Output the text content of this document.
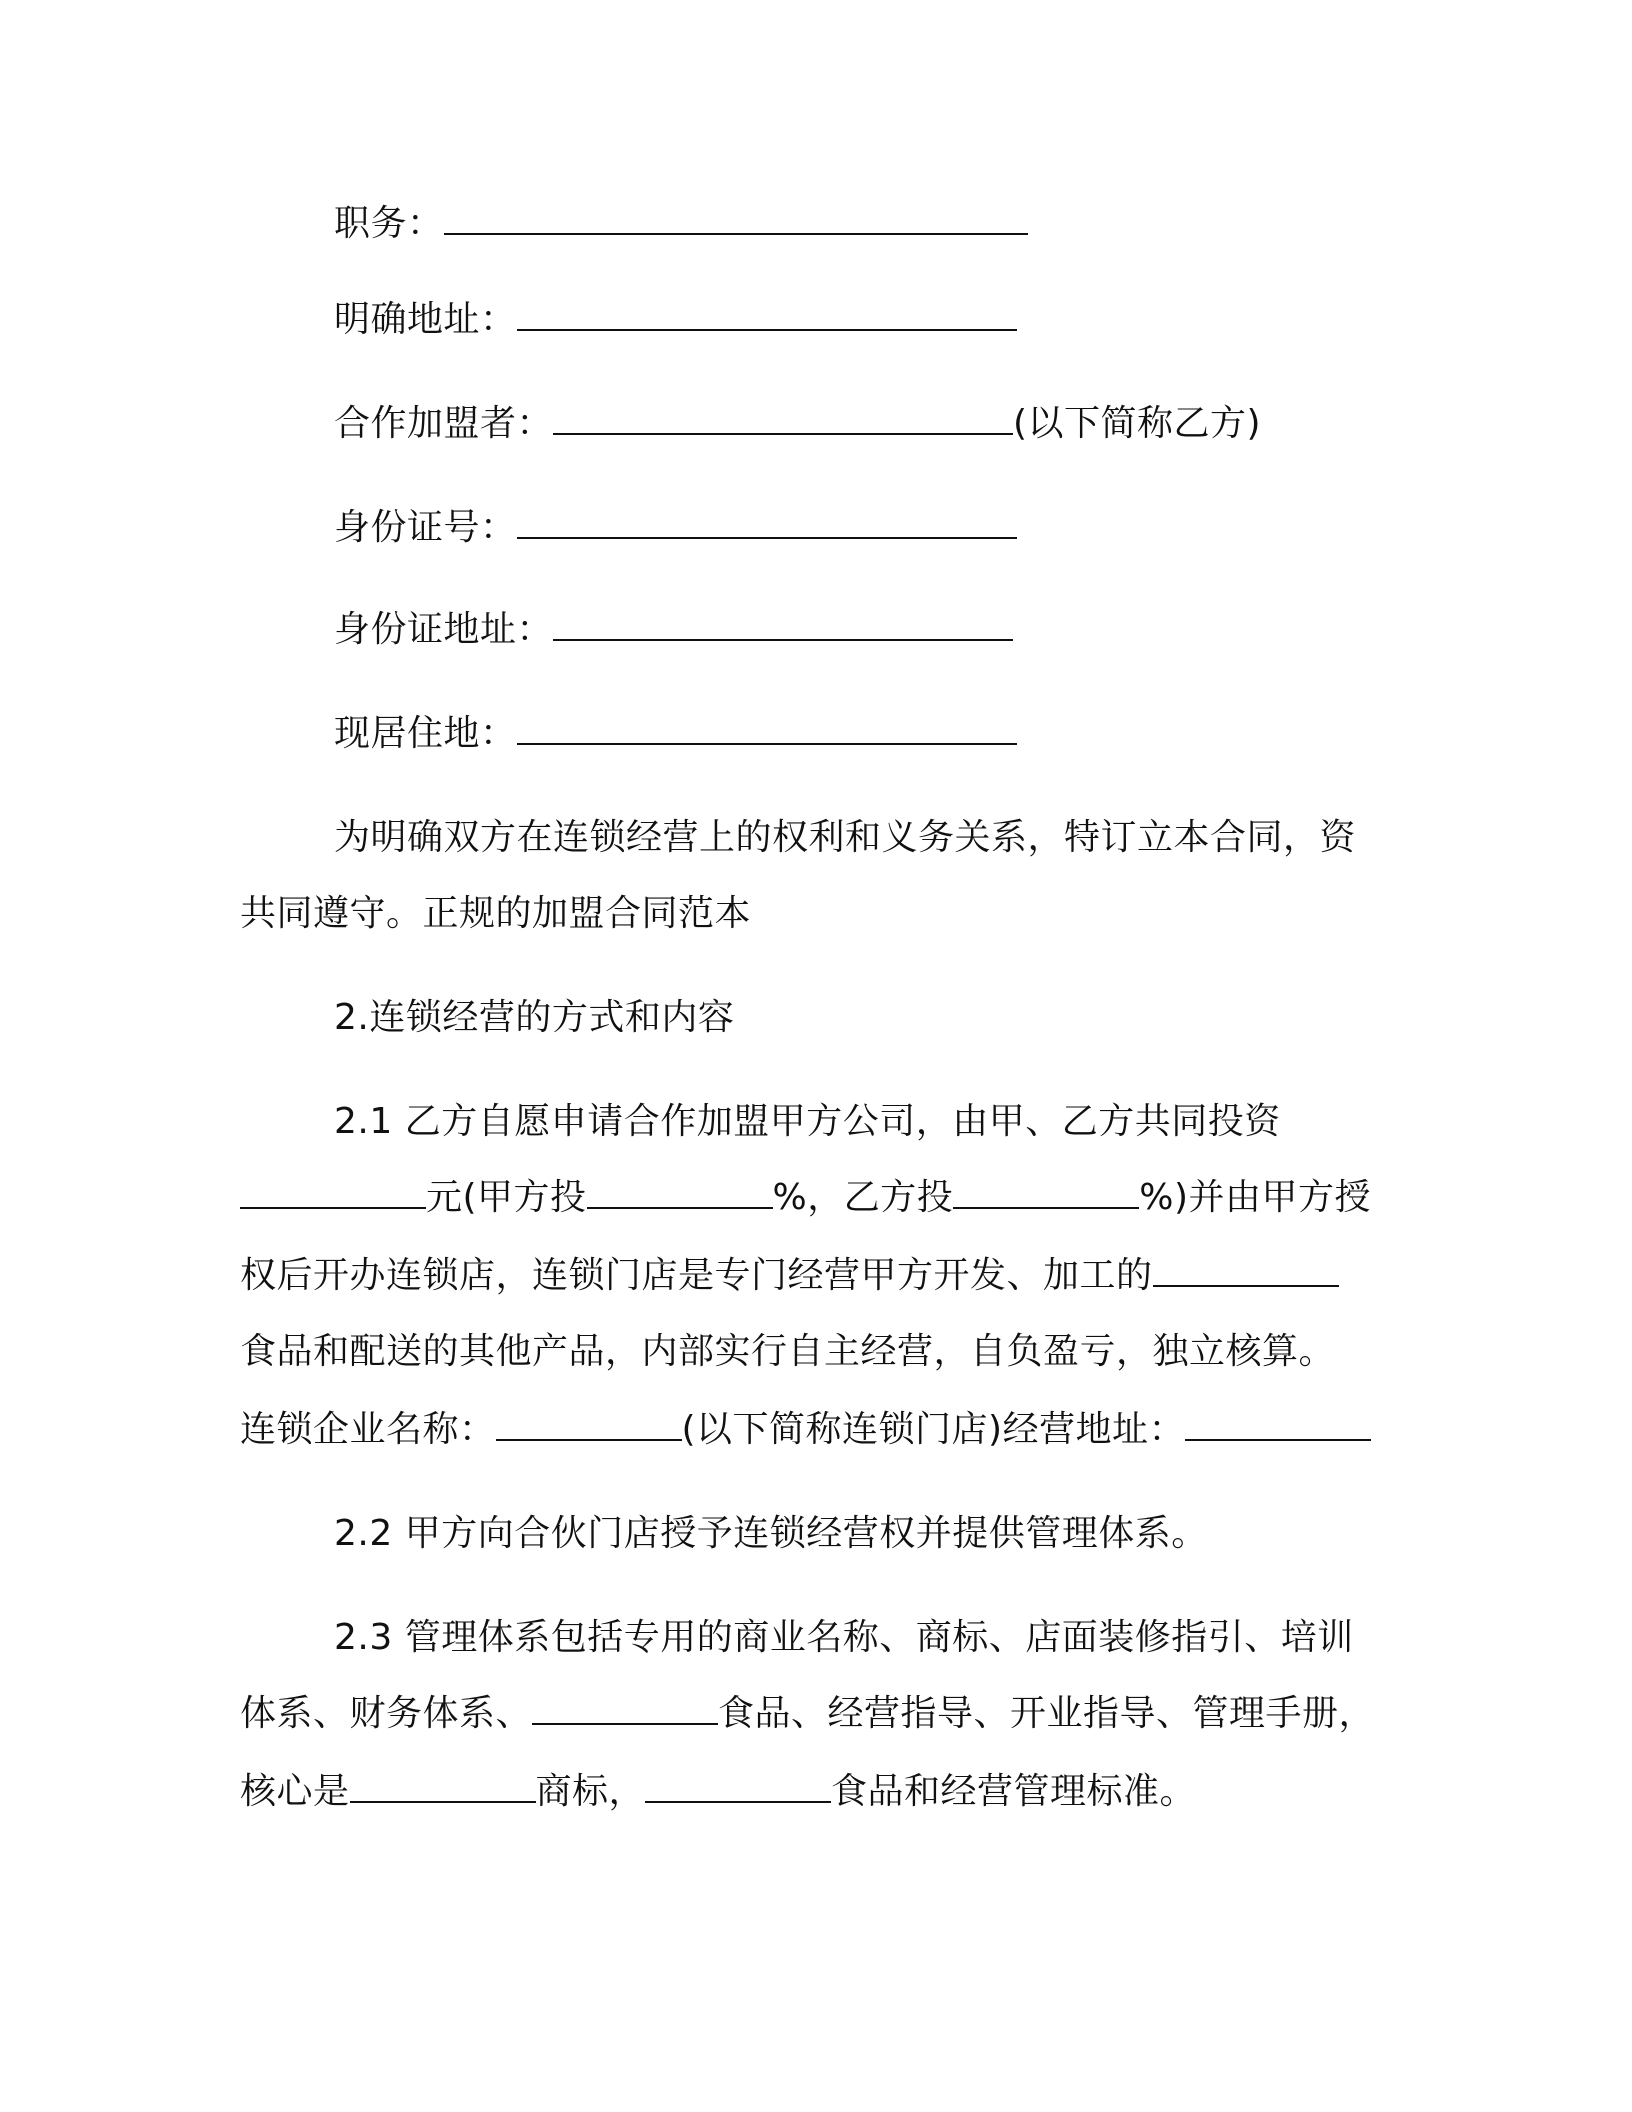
职务：
明确地址：
合作加盟者：	(以下简称乙方)
身份证号：
身份证地址：
现居住地：
为明确双方在连锁经营上的权利和义务关系，特订立本合同，资
共同遵守。正规的加盟合同范本
2.连锁经营的方式和内容
2.1 乙方自愿申请合作加盟甲方公司，由甲、乙方共同投资
元(甲方投	%，乙方投	%)并由甲方授
权后开办连锁店，连锁门店是专门经营甲方开发、加工的
食品和配送的其他产品，内部实行自主经营，自负盈亏，独立核算。
连锁企业名称：	(以下简称连锁门店)经营地址：
2.2 甲方向合伙门店授予连锁经营权并提供管理体系。
2.3 管理体系包括专用的商业名称、商标、店面装修指引、培训
体系、财务体系、	食品、经营指导、开业指导、管理手册，
核心是	商标，	食品和经营管理标准。
